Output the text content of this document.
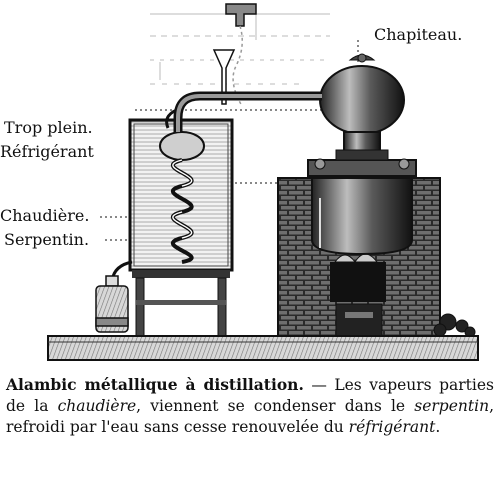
Chapiteau.
Trop plein.
Réfrigérant
Chaudière.
Serpentin.
Alambic métallique à distillation. — Les vapeurs parties de la chaudière, viennent se condenser dans le serpentin, refroidi par l'eau sans cesse renouvelée du réfrigérant.
